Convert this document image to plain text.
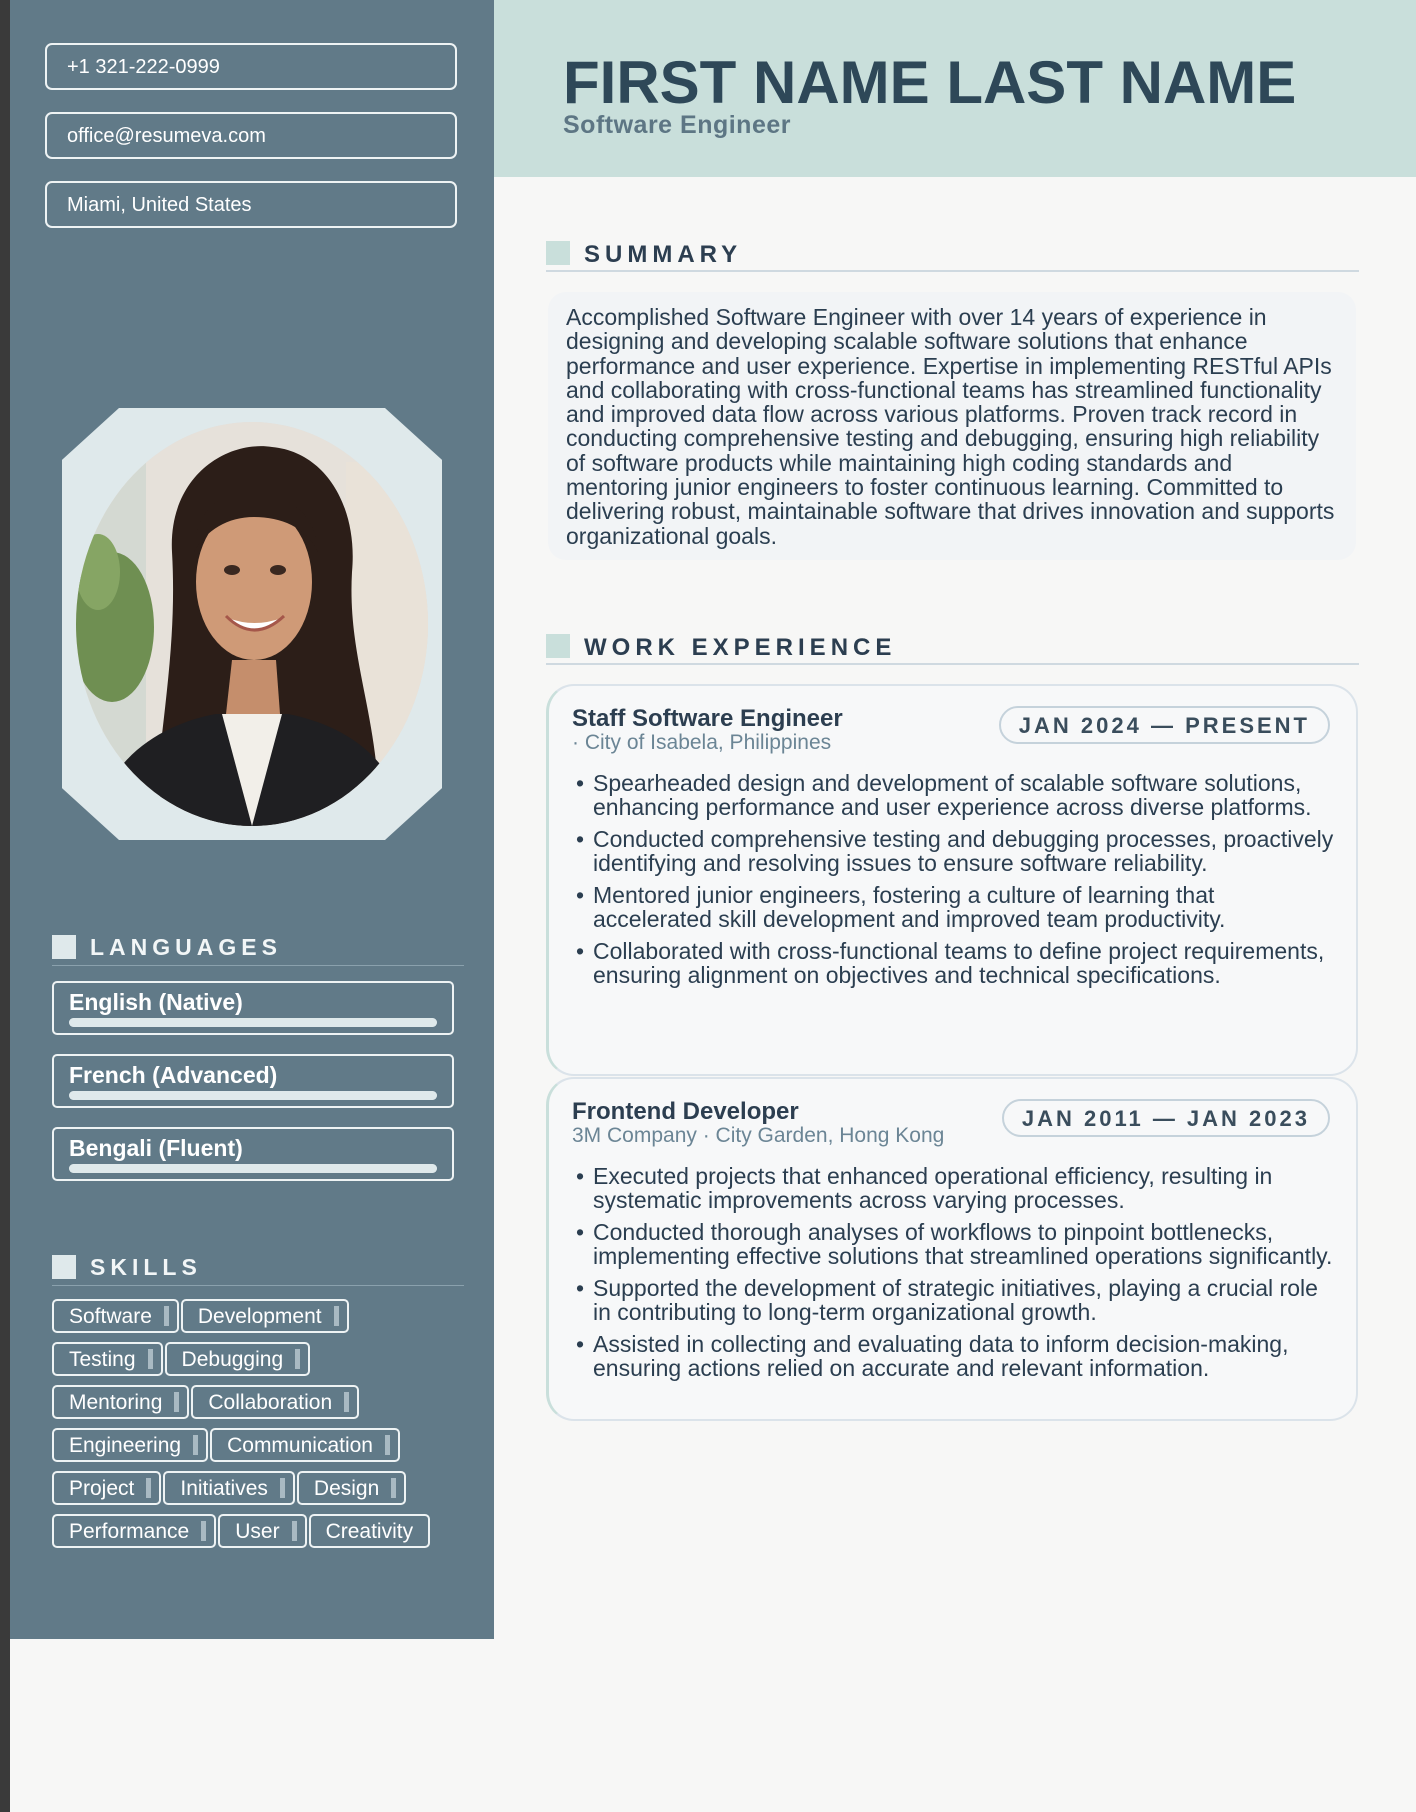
+1 321-222-0999
office@resumeva.com
Miami, United States
LANGUAGES
English (Native)
French (Advanced)
Bengali (Fluent)
SKILLS
Software Development
Testing Debugging
Mentoring Collaboration
Engineering Communication
Project Initiatives Design
Performance User Creativity
FIRST NAME LAST NAME
Software Engineer
SUMMARY
Accomplished Software Engineer with over 14 years of experience in designing and developing scalable software solutions that enhance performance and user experience. Expertise in implementing RESTful APIs and collaborating with cross-functional teams has streamlined functionality and improved data flow across various platforms. Proven track record in conducting comprehensive testing and debugging, ensuring high reliability of software products while maintaining high coding standards and mentoring junior engineers to foster continuous learning. Committed to delivering robust, maintainable software that drives innovation and supports organizational goals.
WORK EXPERIENCE
Staff Software Engineer
· City of Isabela, Philippines
JAN 2024 — PRESENT
• Spearheaded design and development of scalable software solutions, enhancing performance and user experience across diverse platforms.
• Conducted comprehensive testing and debugging processes, proactively identifying and resolving issues to ensure software reliability.
• Mentored junior engineers, fostering a culture of learning that accelerated skill development and improved team productivity.
• Collaborated with cross-functional teams to define project requirements, ensuring alignment on objectives and technical specifications.
Frontend Developer
3M Company · City Garden, Hong Kong
JAN 2011 — JAN 2023
• Executed projects that enhanced operational efficiency, resulting in systematic improvements across varying processes.
• Conducted thorough analyses of workflows to pinpoint bottlenecks, implementing effective solutions that streamlined operations significantly.
• Supported the development of strategic initiatives, playing a crucial role in contributing to long-term organizational growth.
• Assisted in collecting and evaluating data to inform decision-making, ensuring actions relied on accurate and relevant information.
